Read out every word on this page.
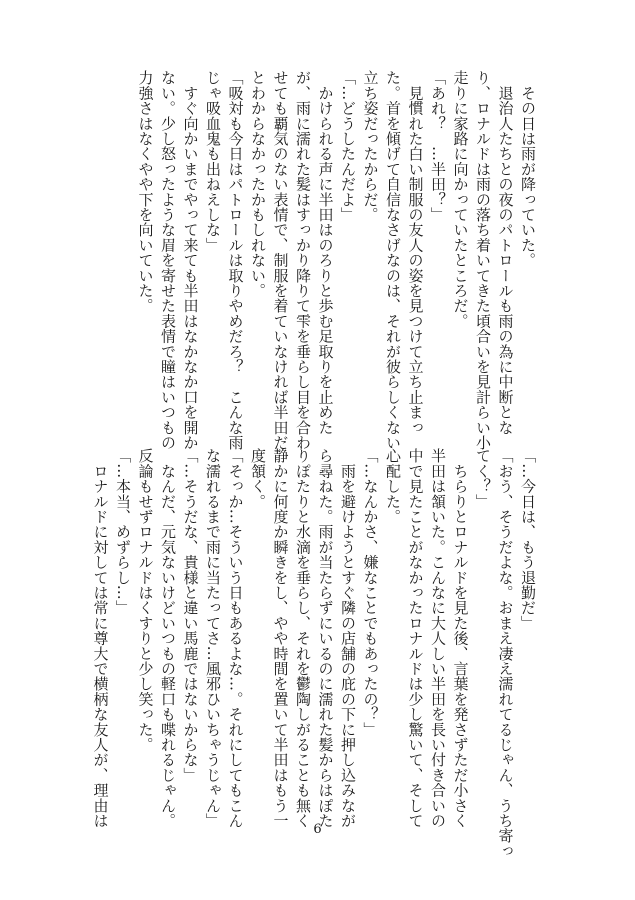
　その日は雨が降っていた。
　退治人たちとの夜のパトロールも雨の為に中断とな
り、ロナルドは雨の落ち着いてきた頃合いを見計らい小
走りに家路に向かっていたところだ。
「あれ？　…半田？」
　見慣れた白い制服の友人の姿を見つけて立ち止まっ
た。首を傾げて自信なさげなのは、それが彼らしくない
立ち姿だったからだ。
「…どうしたんだよ」
　かけられる声に半田はのろりと歩む足取りを止めた
が、雨に濡れた髪はすっかり降りて雫を垂らし目を合わ
せても覇気のない表情で、制服を着ていなければ半田だ
とわからなかったかもしれない。
「吸対も今日はパトロールは取りやめだろ？　こんな雨
じゃ吸血鬼も出ねえしな」
　すぐ向かいまでやって来ても半田はなかなか口を開か
ない。少し怒ったような眉を寄せた表情で瞳はいつもの
力強さはなくやや下を向いていた。
「…今日は、もう退勤だ」
「おう、そうだよな。おまえ凄え濡れてるじゃん、うち寄っ
てく？」
　ちらりとロナルドを見た後、言葉を発さずただ小さく
半田は頷いた。こんなに大人しい半田を長い付き合いの
中で見たことがなかったロナルドは少し驚いて、そして
心配した。
「…なんかさ、嫌なことでもあったの？」
　雨を避けようとすぐ隣の店舗の庇の下に押し込みなが
ら尋ねた。雨が当たらずにいるのに濡れた髪からはぽた
りぽたりと水滴を垂らし、それを鬱陶しがることも無く
静かに何度か瞬きをし、やや時間を置いて半田はもう一
度頷く。
「そっか…そういう日もあるよな…。それにしてもこん
な濡れるまで雨に当たってさ…風邪ひいちゃうじゃん」
「…そうだな、貴様と違い馬鹿ではないからな」
　なんだ、元気ないけどいつもの軽口も喋れるじゃん。
反論もせずロナルドはくすりと少し笑った。
「…本当、めずらし…」
　ロナルドに対しては常に尊大で横柄な友人が、理由は
6
